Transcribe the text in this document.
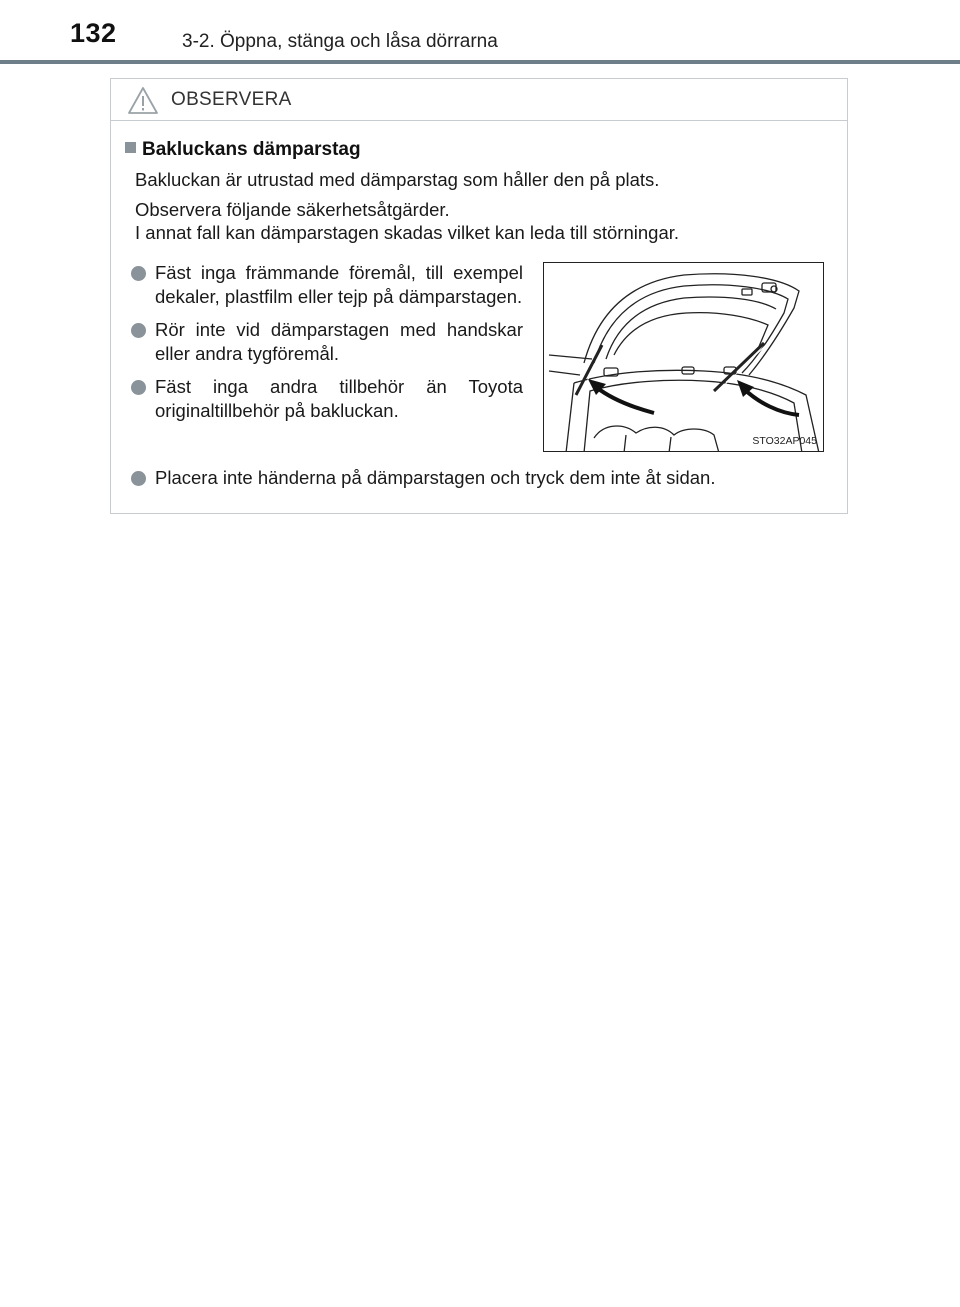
132	3-2. Öppna, stänga och låsa dörrarna
OBSERVERA
Bakluckans dämparstag
Bakluckan är utrustad med dämparstag som håller den på plats.
Observera följande säkerhetsåtgärder.
I annat fall kan dämparstagen skadas vilket kan leda till störningar.
Fäst inga främmande föremål, till exempel dekaler, plastfilm eller tejp på dämparstagen.
Rör inte vid dämparstagen med handskar eller andra tygföremål.
Fäst inga andra tillbehör än Toyota originaltillbehör på bakluckan.
STO32AP045
Placera inte händerna på dämparstagen och tryck dem inte åt sidan.
